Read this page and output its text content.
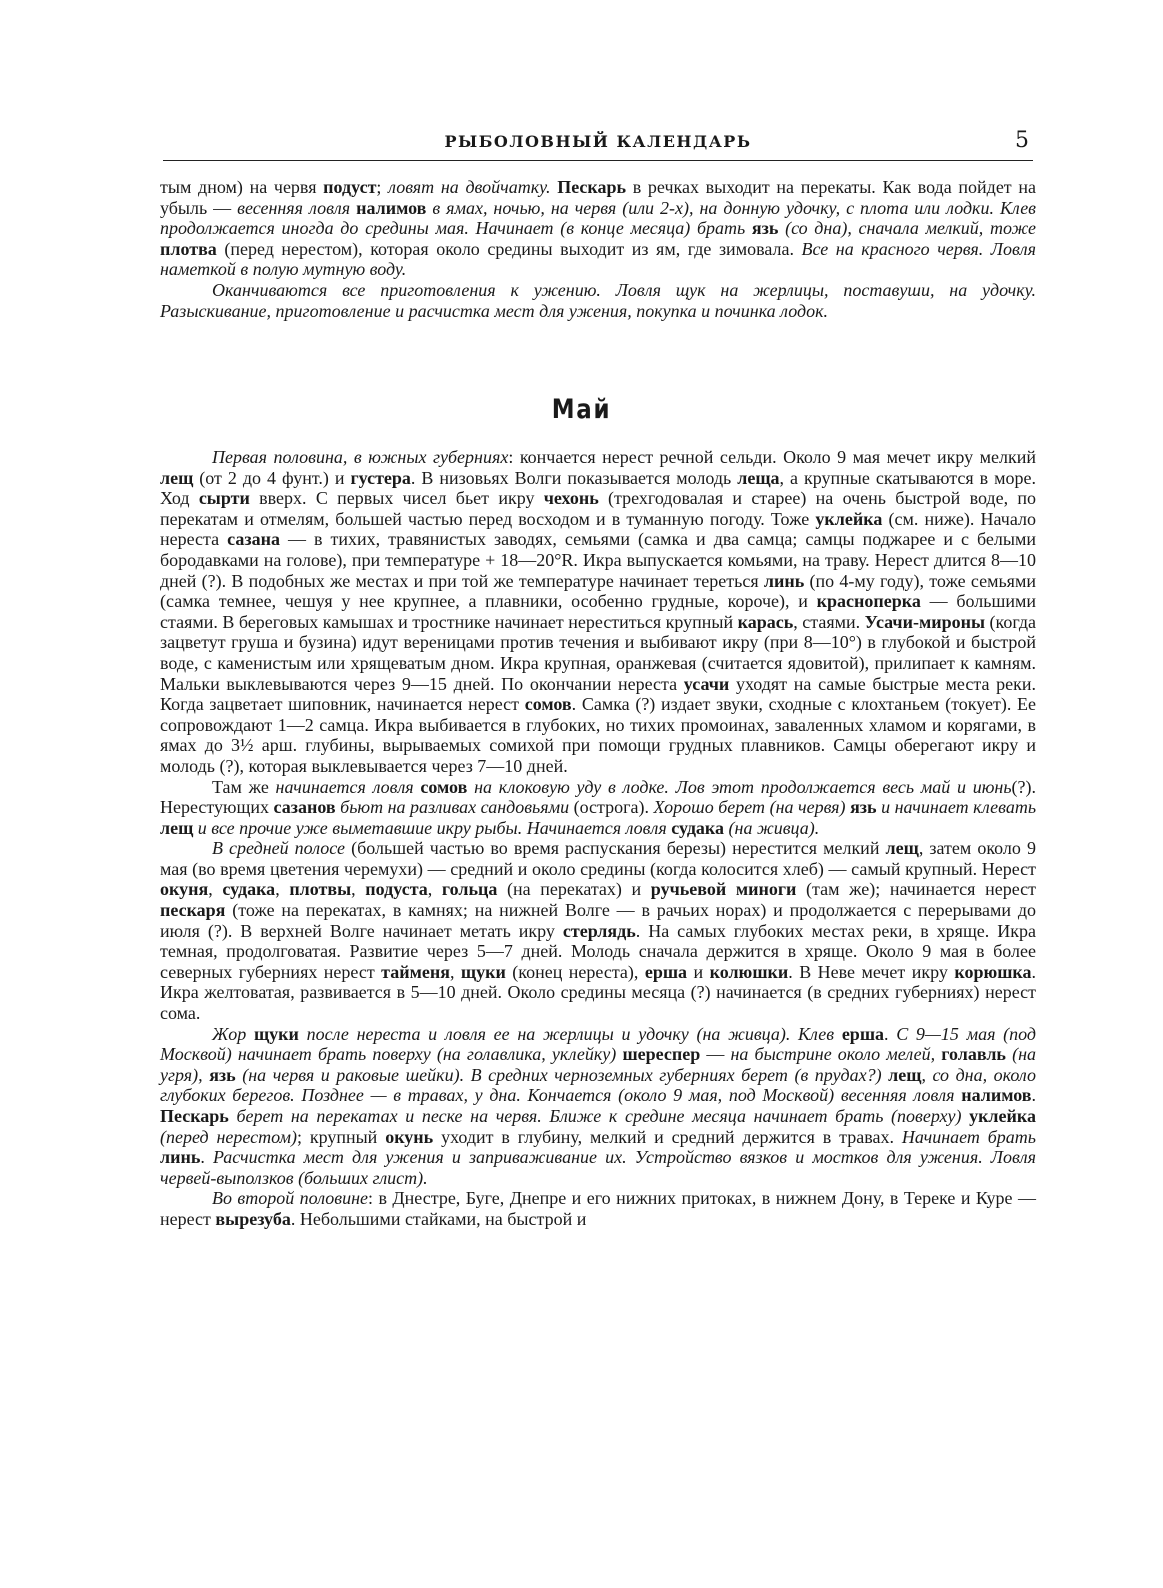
РЫБОЛОВНЫЙ КАЛЕНДАРЬ	5

тым дном) на червя подуст; ловят на двойчатку. Пескарь в речках выходит на перекаты. Как вода пойдет на убыль — весенняя ловля налимов в ямах, ночью, на червя (или 2-х), на донную удочку, с плота или лодки. Клев продолжается иногда до средины мая. Начинает (в конце месяца) брать язь (со дна), сначала мелкий, тоже плотва (перед нерестом), которая около средины выходит из ям, где зимовала. Все на красного червя. Ловля наметкой в полую мутную воду.

Оканчиваются все приготовления к ужению. Ловля щук на жерлицы, поставуши, на удочку. Разыскивание, приготовление и расчистка мест для ужения, покупка и починка лодок.

Май

Первая половина, в южных губерниях: кончается нерест речной сельди. Около 9 мая мечет икру мелкий лещ (от 2 до 4 фунт.) и густера. В низовьях Волги показывается молодь леща, а крупные скатываются в море. Ход сырти вверх. С первых чисел бьет икру чехонь (трехгодовалая и старее) на очень быстрой воде, по перекатам и отмелям, большей частью перед восходом и в туманную погоду. Тоже уклейка (см. ниже). Начало нереста сазана — в тихих, травянистых заводях, семьями (самка и два самца; самцы поджарее и с белыми бородавками на голове), при температуре + 18—20°R. Икра выпускается комьями, на траву. Нерест длится 8—10 дней (?). В подобных же местах и при той же температуре начинает тереться линь (по 4-му году), тоже семьями (самка темнее, чешуя у нее крупнее, а плавники, особенно грудные, короче), и красноперка — большими стаями. В береговых камышах и тростнике начинает нереститься крупный карась, стаями. Усачи-мироны (когда зацветут груша и бузина) идут вереницами против течения и выбивают икру (при 8—10°) в глубокой и быстрой воде, с каменистым или хрящеватым дном. Икра крупная, оранжевая (считается ядовитой), прилипает к камням. Мальки выклевываются через 9—15 дней. По окончании нереста усачи уходят на самые быстрые места реки. Когда зацветает шиповник, начинается нерест сомов. Самка (?) издает звуки, сходные с клохтаньем (токует). Ее сопровождают 1—2 самца. Икра выбивается в глубоких, но тихих промоинах, заваленных хламом и корягами, в ямах до 3½ арш. глубины, вырываемых сомихой при помощи грудных плавников. Самцы оберегают икру и молодь (?), которая выклевывается через 7—10 дней.

Там же начинается ловля сомов на клоковую уду в лодке. Лов этот продолжается весь май и июнь(?). Нерестующих сазанов бьют на разливах сандовьями (острога). Хорошо берет (на червя) язь и начинает клевать лещ и все прочие уже выметавшие икру рыбы. Начинается ловля судака (на живца).

В средней полосе (большей частью во время распускания березы) нерестится мелкий лещ, затем около 9 мая (во время цветения черемухи) — средний и около средины (когда колосится хлеб) — самый крупный. Нерест окуня, судака, плотвы, подуста, гольца (на перекатах) и ручьевой миноги (там же); начинается нерест пескаря (тоже на перекатах, в камнях; на нижней Волге — в рачьих норах) и продолжается с перерывами до июля (?). В верхней Волге начинает метать икру стерлядь. На самых глубоких местах реки, в хряще. Икра темная, продолговатая. Развитие через 5—7 дней. Молодь сначала держится в хряще. Около 9 мая в более северных губерниях нерест тайменя, щуки (конец нереста), ерша и колюшки. В Неве мечет икру корюшка. Икра желтоватая, развивается в 5—10 дней. Около средины месяца (?) начинается (в средних губерниях) нерест сома.

Жор щуки после нереста и ловля ее на жерлицы и удочку (на живца). Клев ерша. С 9—15 мая (под Москвой) начинает брать поверху (на голавлика, уклейку) шереспер — на быстрине около мелей, голавль (на угря), язь (на червя и раковые шейки). В средних черноземных губерниях берет (в прудах?) лещ, со дна, около глубоких берегов. Позднее — в травах, у дна. Кончается (около 9 мая, под Москвой) весенняя ловля налимов. Пескарь берет на перекатах и песке на червя. Ближе к средине месяца начинает брать (поверху) уклейка (перед нерестом); крупный окунь уходит в глубину, мелкий и средний держится в травах. Начинает брать линь. Расчистка мест для ужения и заприваживание их. Устройство вязков и мостков для ужения. Ловля червей-выползков (больших глист).

Во второй половине: в Днестре, Буге, Днепре и его нижних притоках, в нижнем Дону, в Тереке и Куре — нерест вырезуба. Небольшими стайками, на быстрой и
